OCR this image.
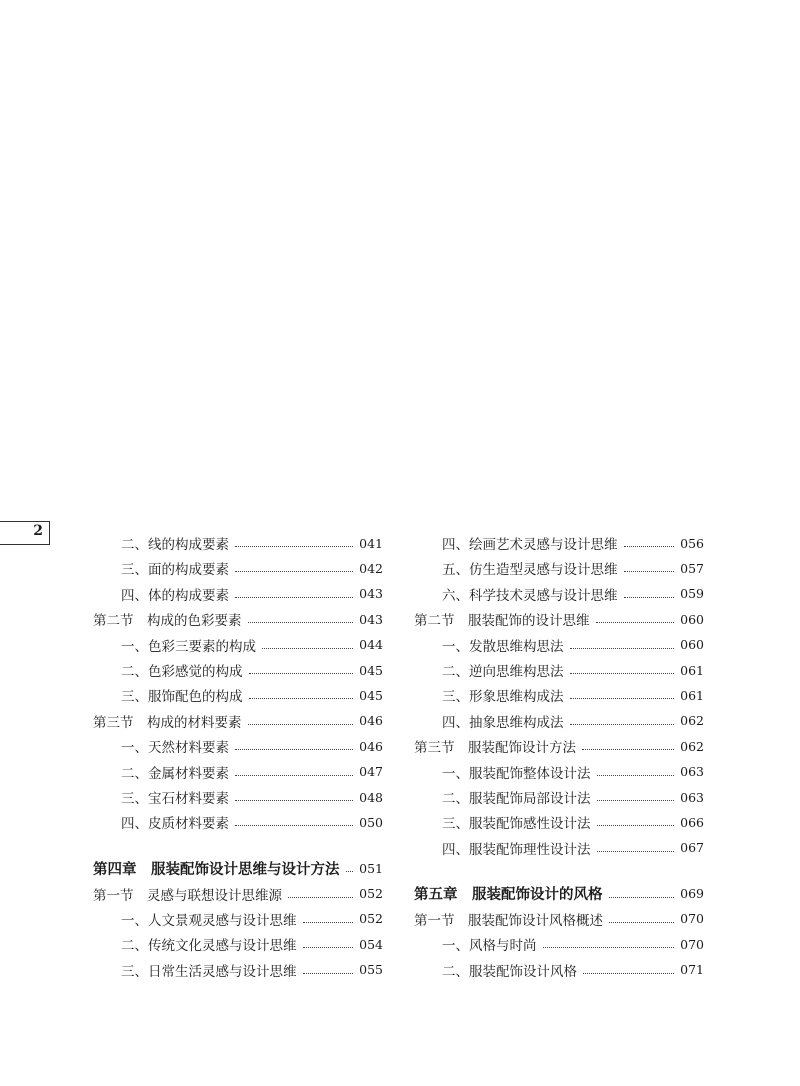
2
二、线的构成要素	041
三、面的构成要素	042
四、体的构成要素	043
第二节　构成的色彩要素	043
一、色彩三要素的构成	044
二、色彩感觉的构成	045
三、服饰配色的构成	045
第三节　构成的材料要素	046
一、天然材料要素	046
二、金属材料要素	047
三、宝石材料要素	048
四、皮质材料要素	050
第四章　服装配饰设计思维与设计方法 051
第一节　灵感与联想设计思维源	052
一、人文景观灵感与设计思维	052
二、传统文化灵感与设计思维	054
三、日常生活灵感与设计思维	055
四、绘画艺术灵感与设计思维	056
五、仿生造型灵感与设计思维	057
六、科学技术灵感与设计思维	059
第二节　服装配饰的设计思维	060
一、发散思维构思法	060
二、逆向思维构思法	061
三、形象思维构成法	061
四、抽象思维构成法	062
第三节　服装配饰设计方法	062
一、服装配饰整体设计法	063
二、服装配饰局部设计法	063
三、服装配饰感性设计法	066
四、服装配饰理性设计法	067
第五章　服装配饰设计的风格	069
第一节　服装配饰设计风格概述	070
一、风格与时尚	070
二、服装配饰设计风格	071
